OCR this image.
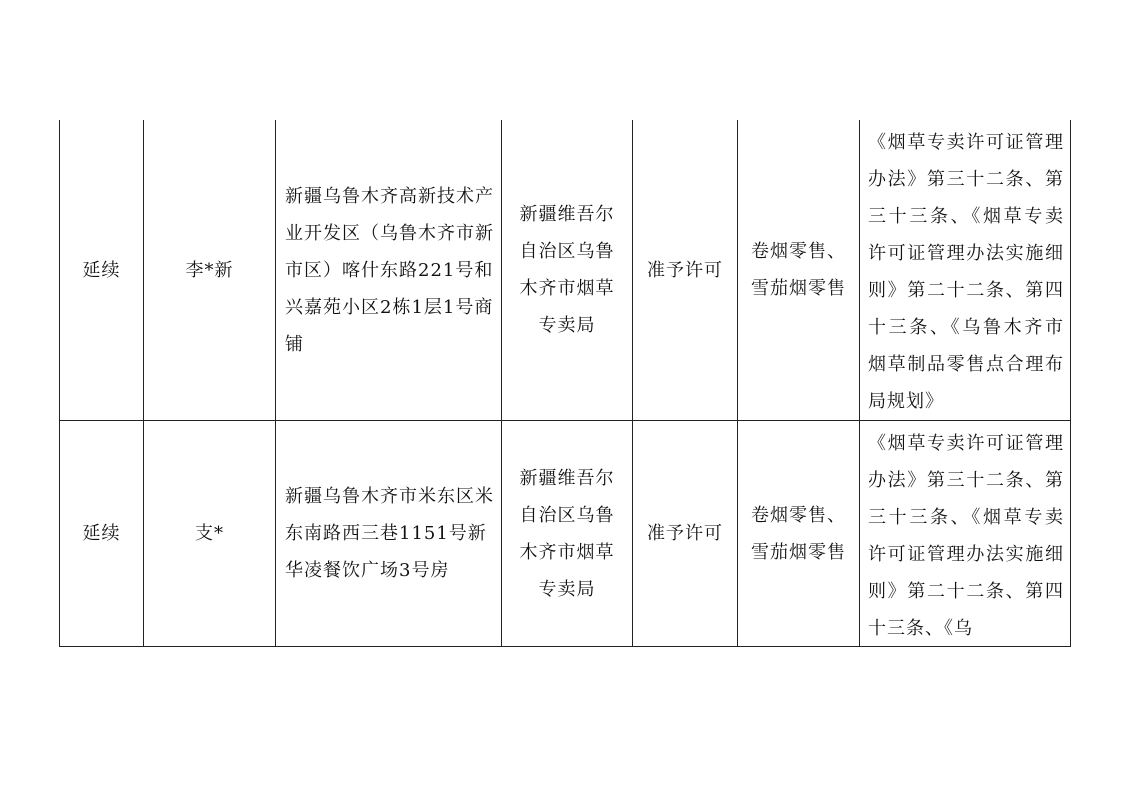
延续	李*新	新疆乌鲁木齐高新技术产业开发区（乌鲁木齐市新市区）喀什东路221号和兴嘉苑小区2栋1层1号商铺	新疆维吾尔自治区乌鲁木齐市烟草专卖局	准予许可	卷烟零售、雪茄烟零售	《烟草专卖许可证管理办法》第三十二条、第三十三条、《烟草专卖许可证管理办法实施细则》第二十二条、第四十三条、《乌鲁木齐市烟草制品零售点合理布局规划》

延续	支*	新疆乌鲁木齐市米东区米东南路西三巷1151号新华凌餐饮广场3号房	新疆维吾尔自治区乌鲁木齐市烟草专卖局	准予许可	卷烟零售、雪茄烟零售	《烟草专卖许可证管理办法》第三十二条、第三十三条、《烟草专卖许可证管理办法实施细则》第二十二条、第四十三条、《乌
